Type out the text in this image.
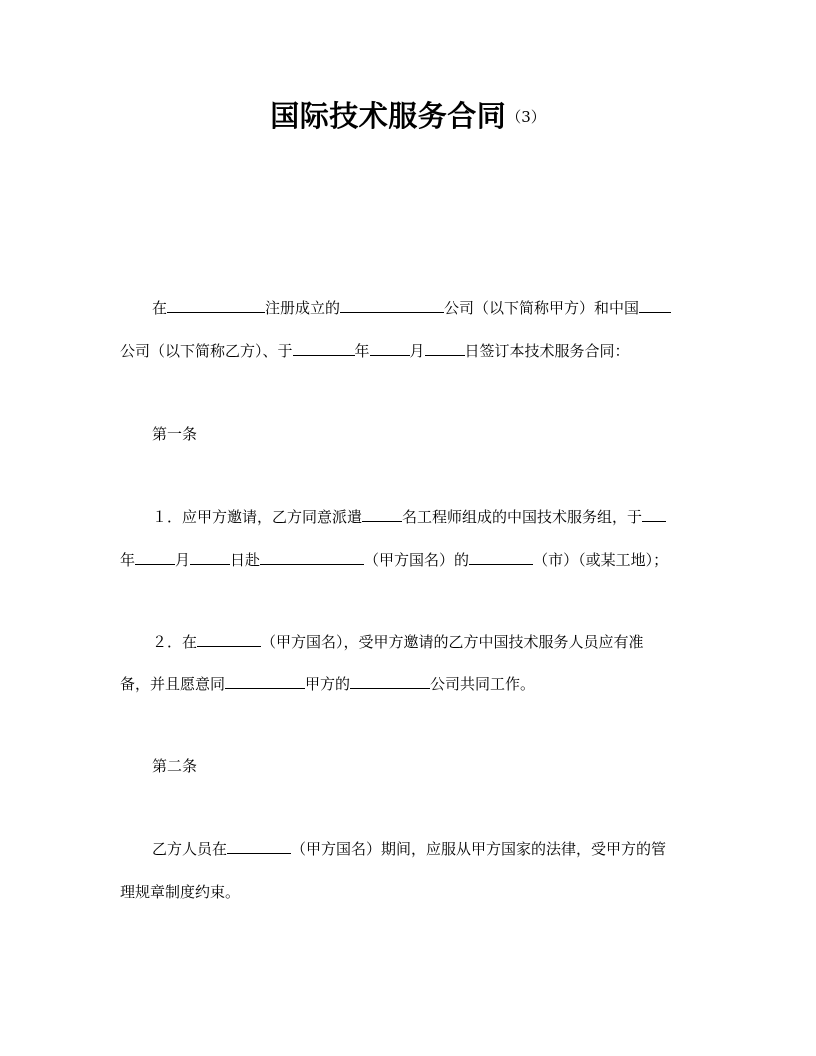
国际技术服务合同（3）
在	注册成立的	公司（以下简称甲方）和中国
公司（以下简称乙方）、于	年	月	日签订本技术服务合同：
第一条
１．应甲方邀请，乙方同意派遣	名工程师组成的中国技术服务组，于
年	月	日赴	（甲方国名）的	（市）（或某工地）；
２．在	（甲方国名），受甲方邀请的乙方中国技术服务人员应有准
备，并且愿意同	甲方的	公司共同工作。
第二条
乙方人员在	（甲方国名）期间，应服从甲方国家的法律，受甲方的管
理规章制度约束。
